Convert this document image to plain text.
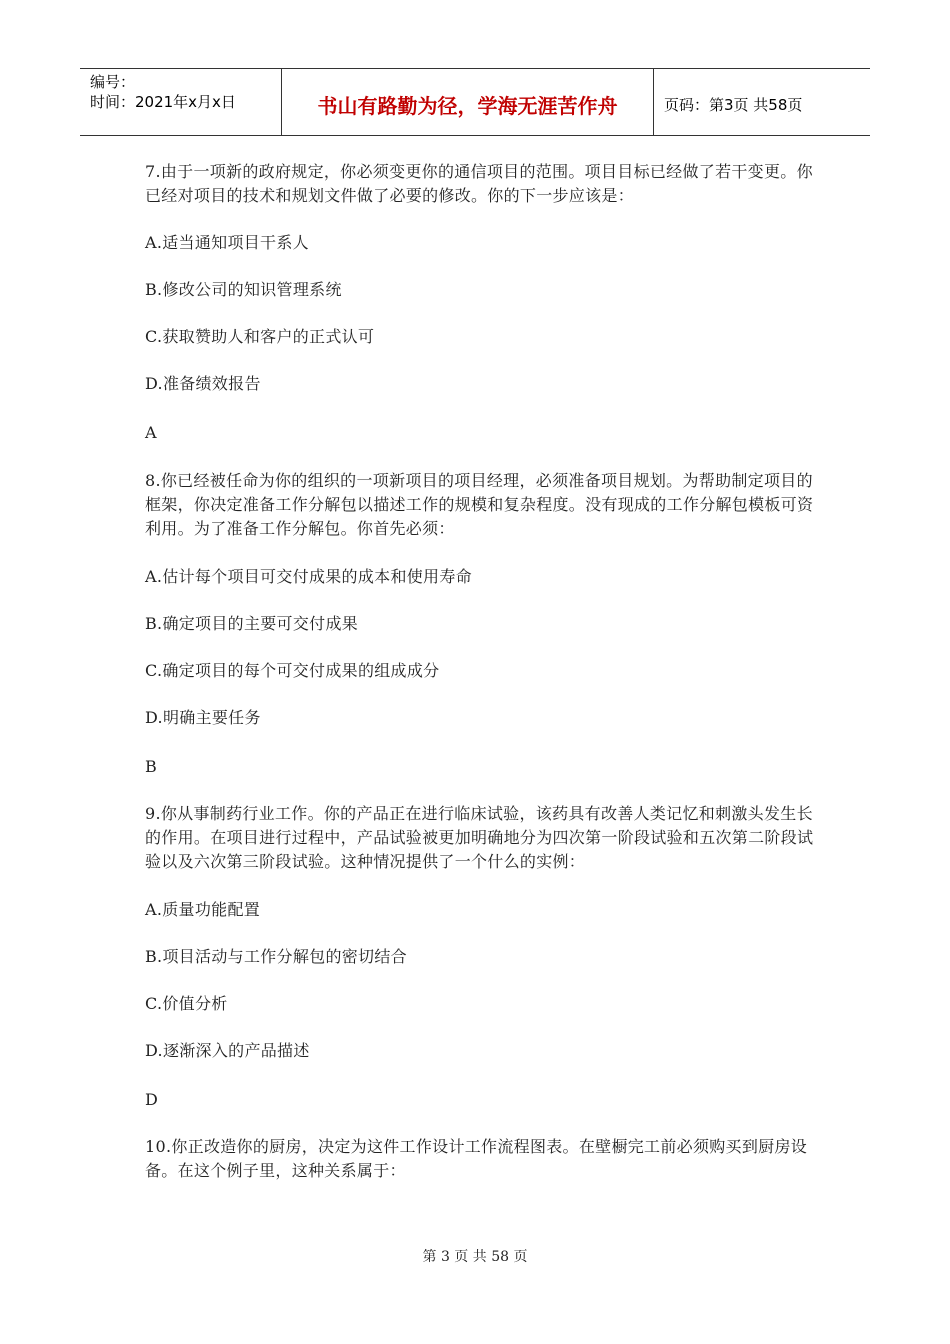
编号：
时间：2021年x月x日	书山有路勤为径，学海无涯苦作舟	页码：第3页 共58页

7.由于一项新的政府规定，你必须变更你的通信项目的范围。项目目标已经做了若干变更。你已经对项目的技术和规划文件做了必要的修改。你的下一步应该是：

A.适当通知项目干系人

B.修改公司的知识管理系统

C.获取赞助人和客户的正式认可

D.准备绩效报告

A

8.你已经被任命为你的组织的一项新项目的项目经理，必须准备项目规划。为帮助制定项目的框架，你决定准备工作分解包以描述工作的规模和复杂程度。没有现成的工作分解包模板可资利用。为了准备工作分解包。你首先必须：

A.估计每个项目可交付成果的成本和使用寿命

B.确定项目的主要可交付成果

C.确定项目的每个可交付成果的组成成分

D.明确主要任务

B

9.你从事制药行业工作。你的产品正在进行临床试验，该药具有改善人类记忆和刺激头发生长的作用。在项目进行过程中，产品试验被更加明确地分为四次第一阶段试验和五次第二阶段试验以及六次第三阶段试验。这种情况提供了一个什么的实例：

A.质量功能配置

B.项目活动与工作分解包的密切结合

C.价值分析

D.逐渐深入的产品描述

D

10.你正改造你的厨房，决定为这件工作设计工作流程图表。在壁橱完工前必须购买到厨房设备。在这个例子里，这种关系属于：

第 3 页 共 58 页
